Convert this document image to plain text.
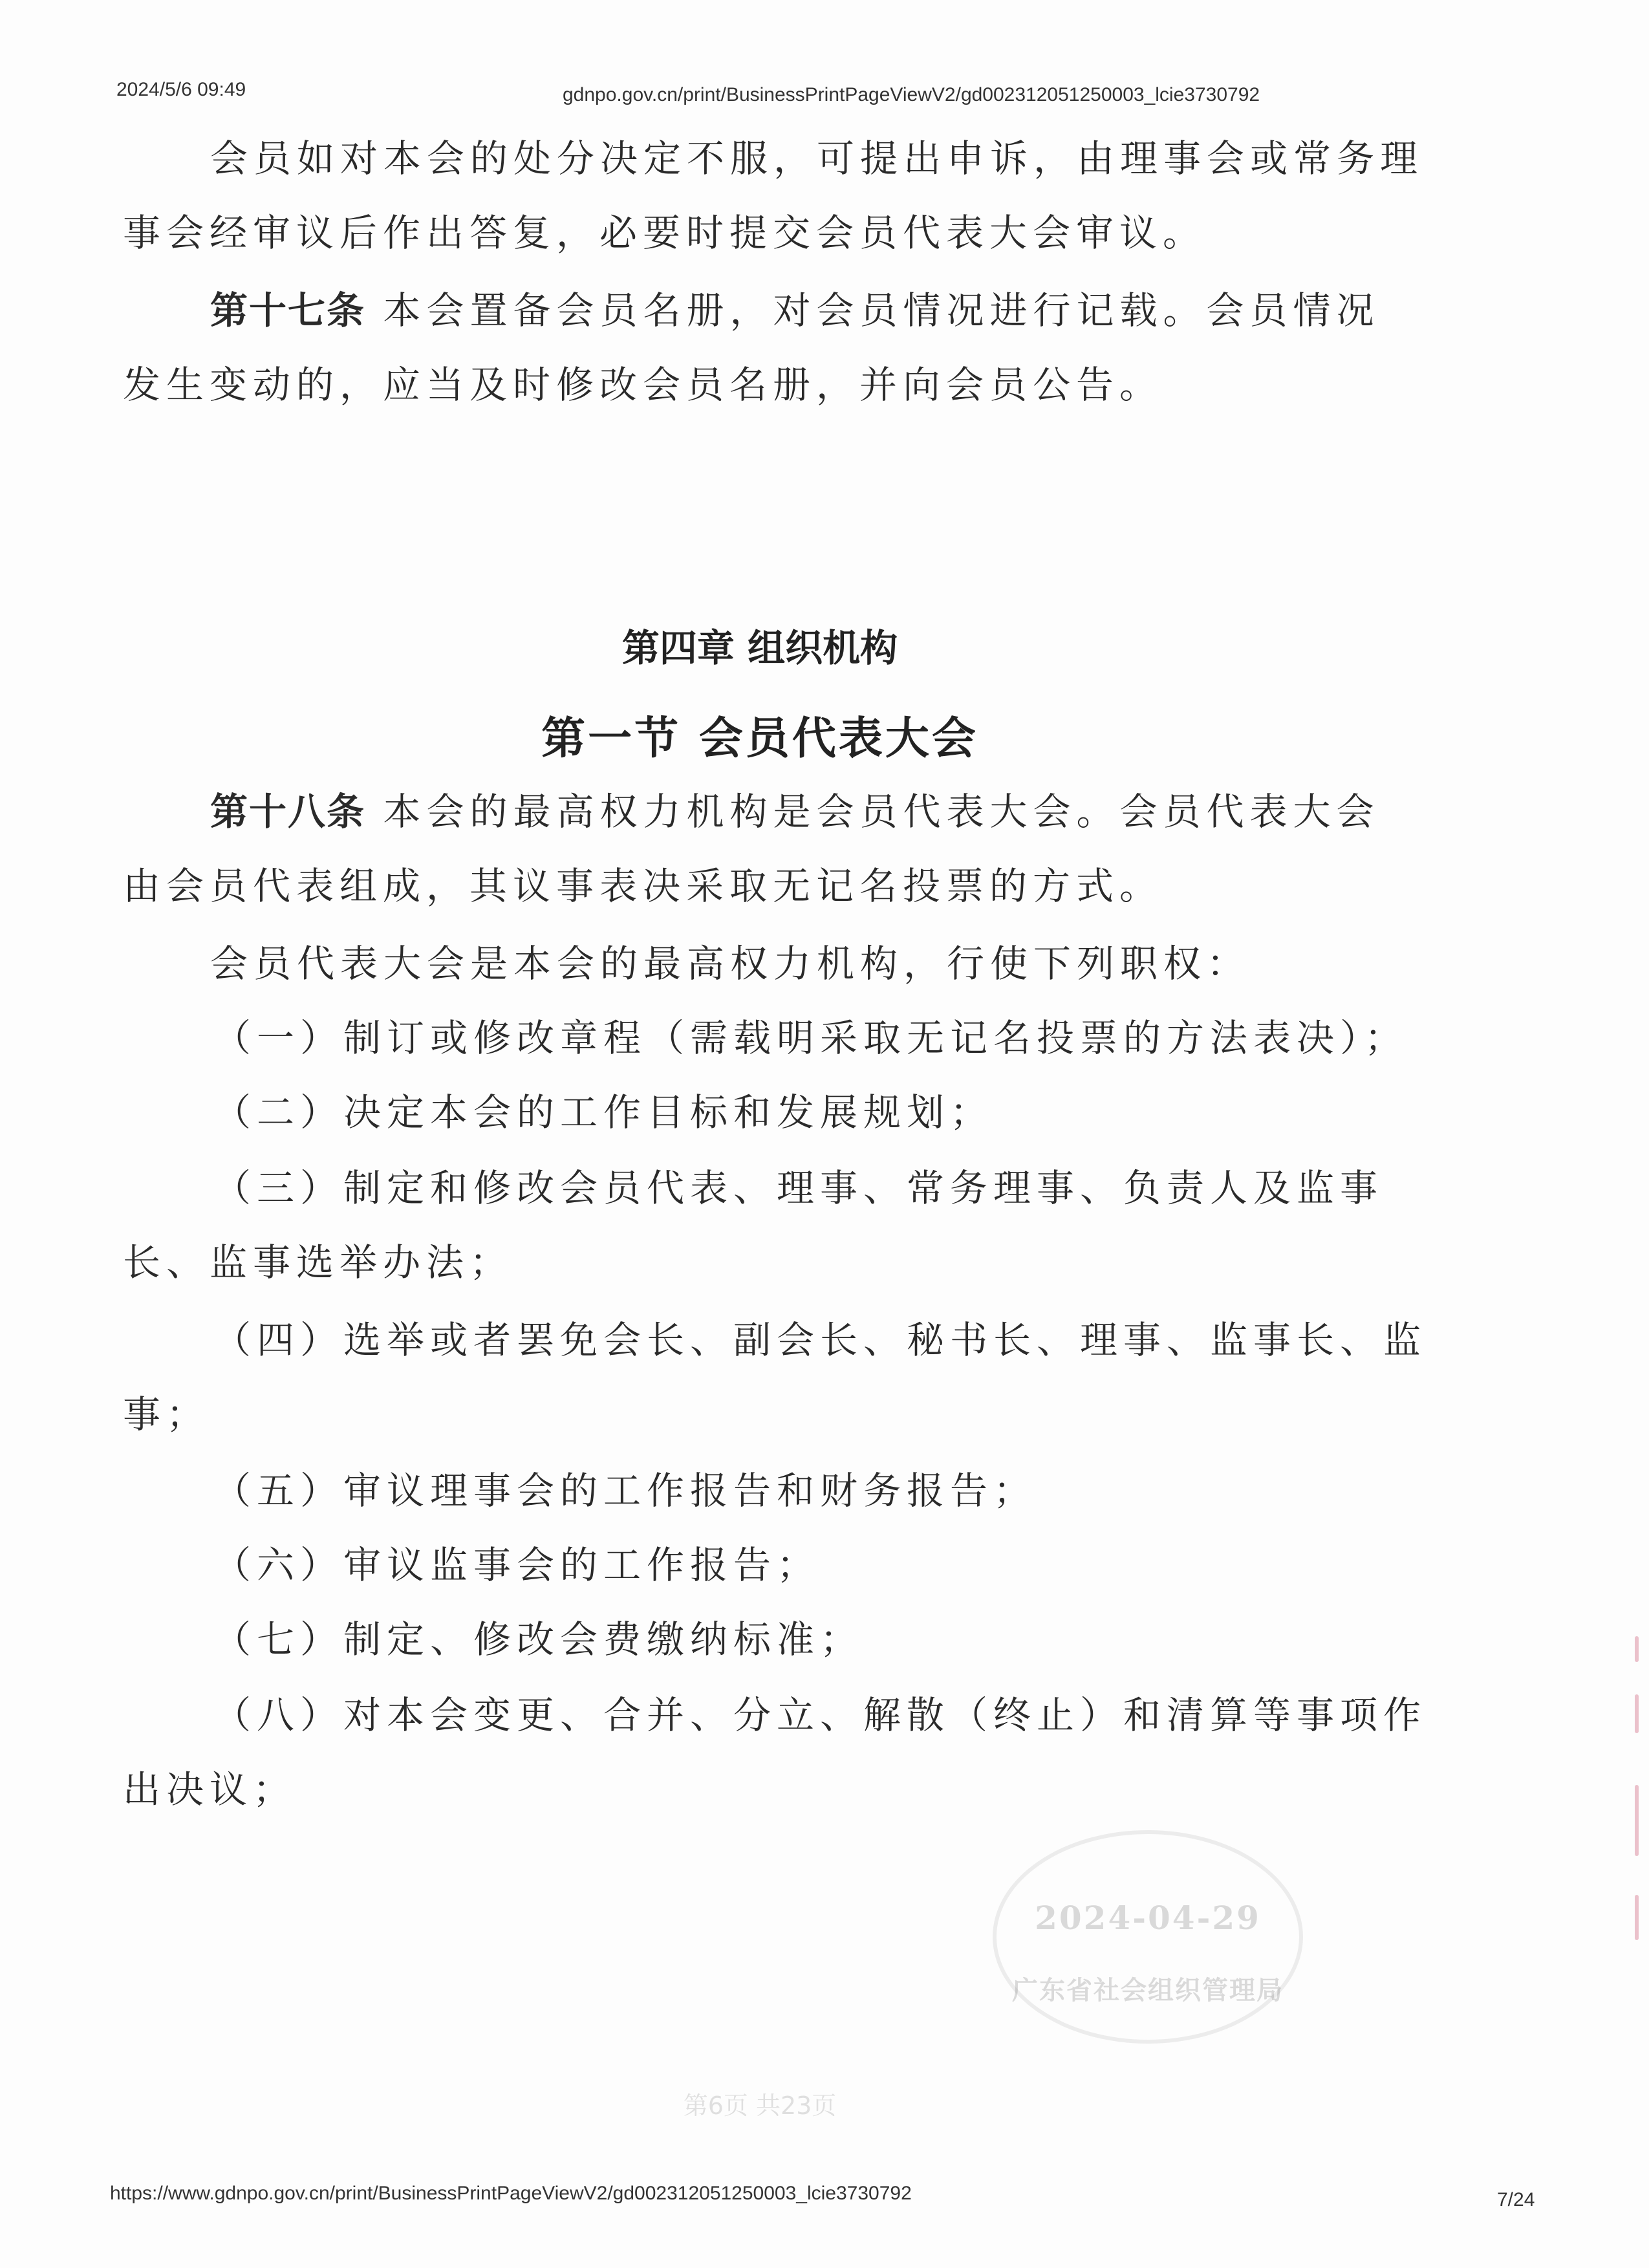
2024/5/6 09:49	gdnpo.gov.cn/print/BusinessPrintPageViewV2/gd002312051250003_lcie3730792
会员如对本会的处分决定不服，可提出申诉，由理事会或常务理
事会经审议后作出答复，必要时提交会员代表大会审议。
第十七条 本会置备会员名册，对会员情况进行记载。会员情况
发生变动的，应当及时修改会员名册，并向会员公告。
第四章 组织机构
第一节 会员代表大会
第十八条 本会的最高权力机构是会员代表大会。会员代表大会
由会员代表组成，其议事表决采取无记名投票的方式。
会员代表大会是本会的最高权力机构，行使下列职权：
（一）制订或修改章程（需载明采取无记名投票的方法表决）；
（二）决定本会的工作目标和发展规划；
（三）制定和修改会员代表、理事、常务理事、负责人及监事
长、监事选举办法；
（四）选举或者罢免会长、副会长、秘书长、理事、监事长、监
事；
（五）审议理事会的工作报告和财务报告；
（六）审议监事会的工作报告；
（七）制定、修改会费缴纳标准；
（八）对本会变更、合并、分立、解散（终止）和清算等事项作
出决议；
2024-04-29
广东省社会组织管理局
第6页 共23页
https://www.gdnpo.gov.cn/print/BusinessPrintPageViewV2/gd002312051250003_lcie3730792	7/24
